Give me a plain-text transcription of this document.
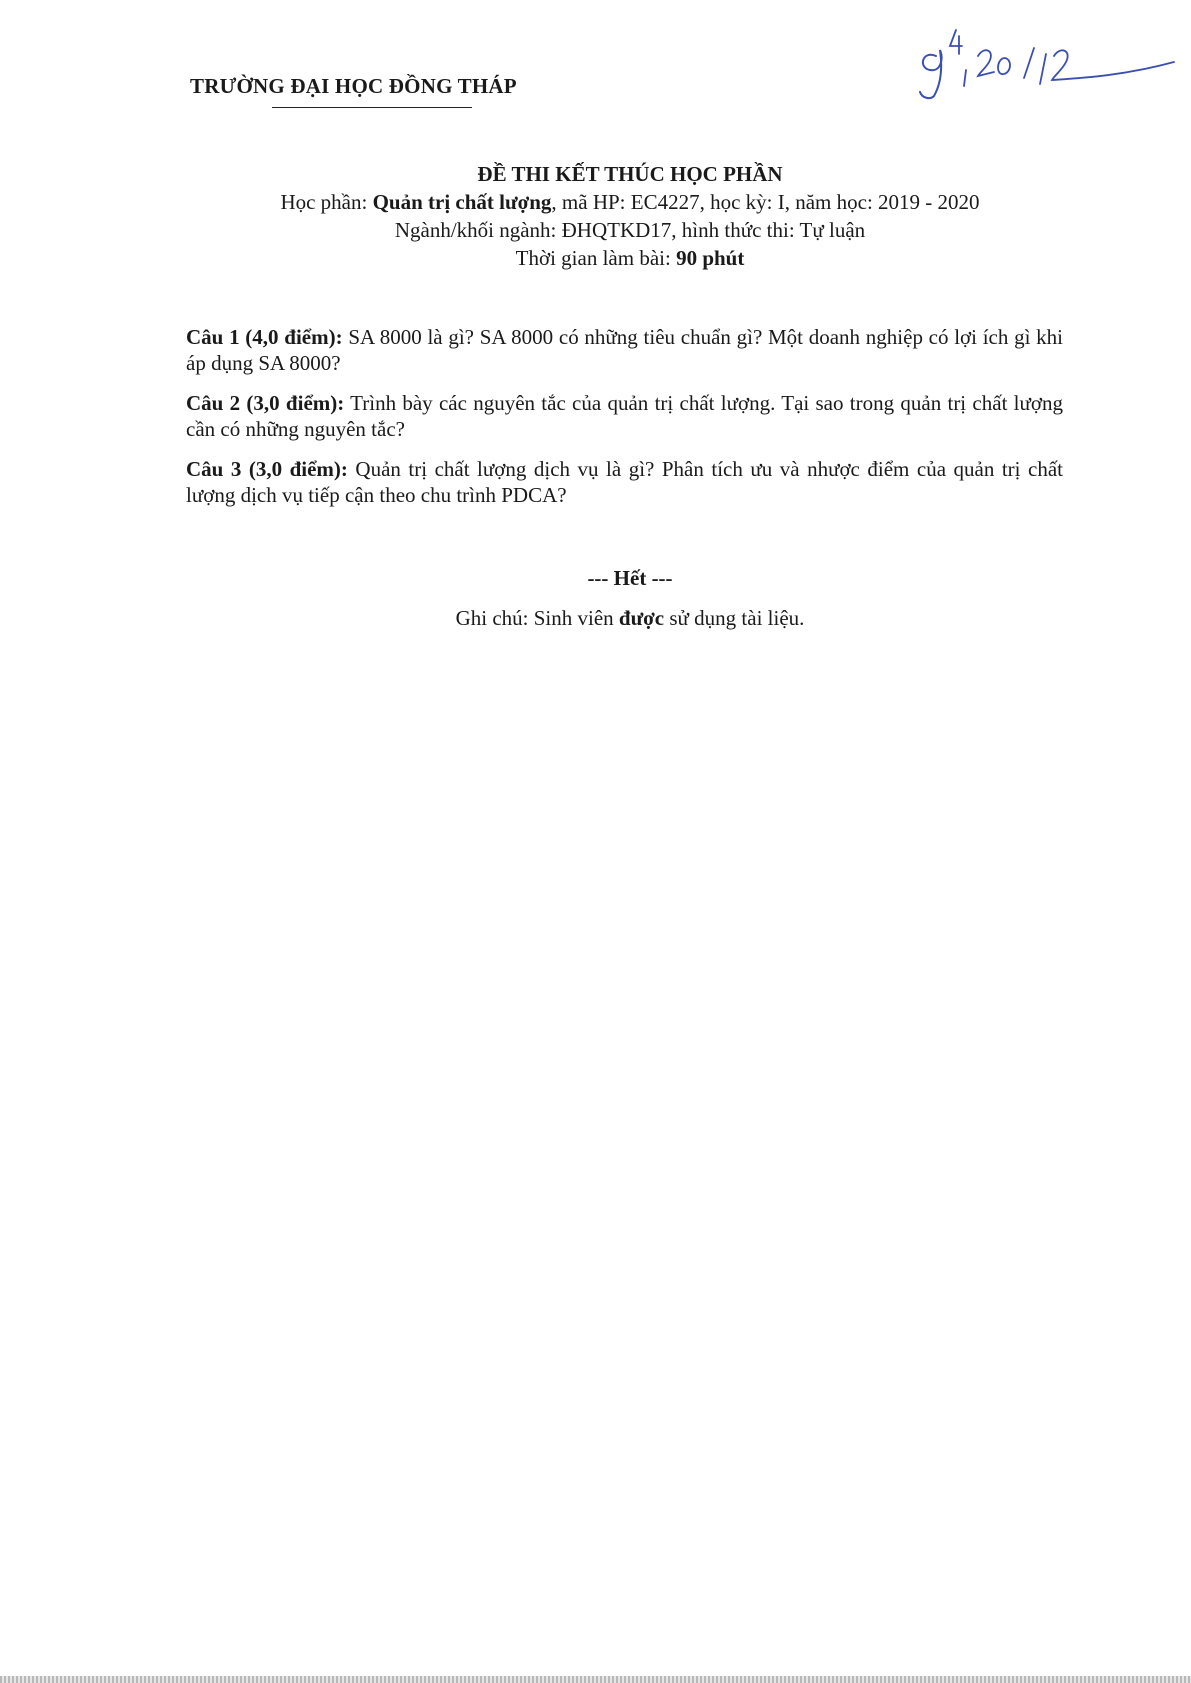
TRƯỜNG ĐẠI HỌC ĐỒNG THÁP
ĐỀ THI KẾT THÚC HỌC PHẦN
Học phần: Quản trị chất lượng, mã HP: EC4227, học kỳ: I, năm học: 2019 - 2020
Ngành/khối ngành: ĐHQTKD17, hình thức thi: Tự luận
Thời gian làm bài: 90 phút

Câu 1 (4,0 điểm): SA 8000 là gì? SA 8000 có những tiêu chuẩn gì? Một doanh nghiệp có lợi ích gì khi áp dụng SA 8000?

Câu 2 (3,0 điểm): Trình bày các nguyên tắc của quản trị chất lượng. Tại sao trong quản trị chất lượng cần có những nguyên tắc?

Câu 3 (3,0 điểm): Quản trị chất lượng dịch vụ là gì? Phân tích ưu và nhược điểm của quản trị chất lượng dịch vụ tiếp cận theo chu trình PDCA?

--- Hết ---
Ghi chú: Sinh viên được sử dụng tài liệu.
